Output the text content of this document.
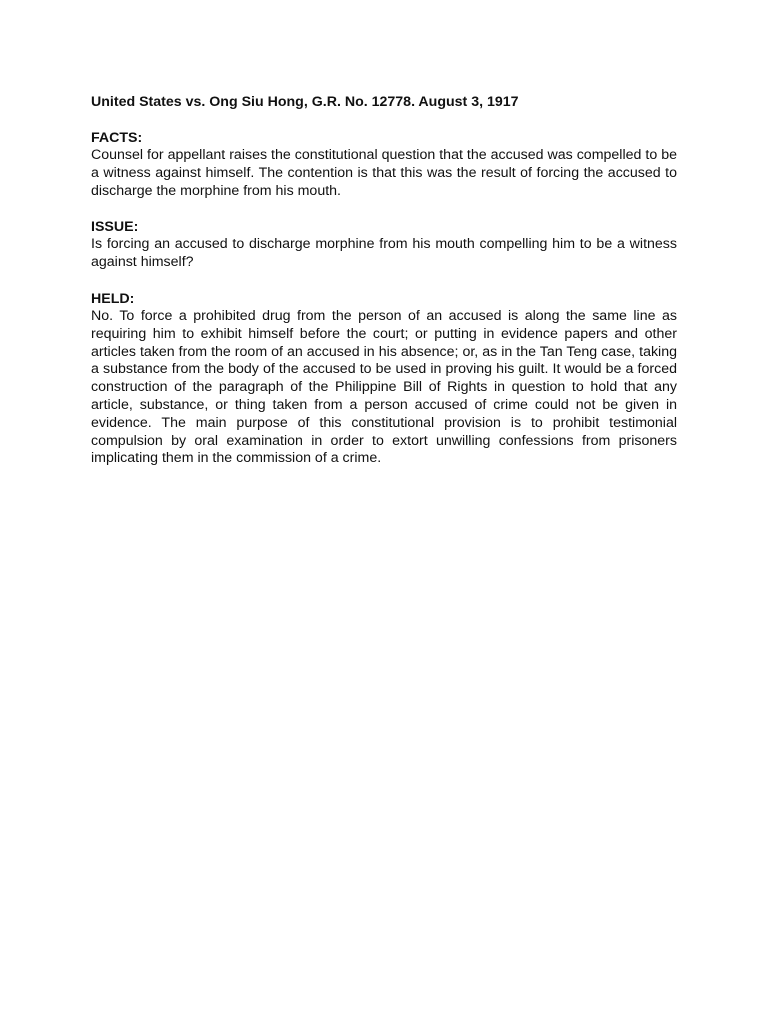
United States vs. Ong Siu Hong, G.R. No. 12778. August 3, 1917
FACTS:

Counsel for appellant raises the constitutional question that the accused was compelled to be a witness against himself. The contention is that this was the result of forcing the accused to discharge the morphine from his mouth.

ISSUE:

Is forcing an accused to discharge morphine from his mouth compelling him to be a witness against himself?

HELD:

No. To force a prohibited drug from the person of an accused is along the same line as requiring him to exhibit himself before the court; or putting in evidence papers and other articles taken from the room of an accused in his absence; or, as in the Tan Teng case, taking a substance from the body of the accused to be used in proving his guilt. It would be a forced construction of the paragraph of the Philippine Bill of Rights in question to hold that any article, substance, or thing taken from a person accused of crime could not be given in evidence. The main purpose of this constitutional provision is to prohibit testimonial compulsion by oral examination in order to extort unwilling confessions from prisoners implicating them in the commission of a crime.
